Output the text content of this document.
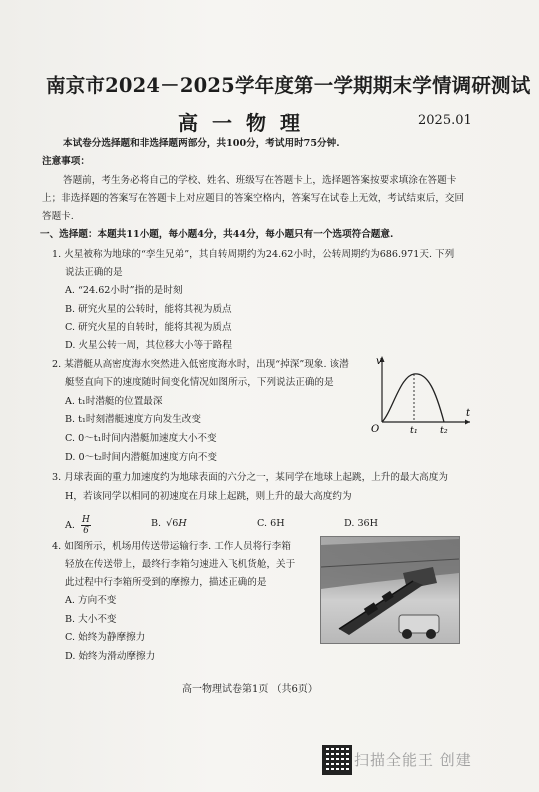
南京市2024－2025学年度第一学期期末学情调研测试
高一物理	2025.01
本试卷分选择题和非选择题两部分，共100分，考试用时75分钟.
注意事项：
答题前，考生务必将自己的学校、姓名、班级写在答题卡上，选择题答案按要求填涂在答题卡
上；非选择题的答案写在答题卡上对应题目的答案空格内，答案写在试卷上无效，考试结束后，交回
答题卡.
一、选择题：本题共11小题，每小题4分，共44分，每小题只有一个选项符合题意.
1. 火星被称为地球的“孪生兄弟”，其自转周期约为24.62小时，公转周期约为686.971天. 下列
说法正确的是
A. “24.62小时”指的是时刻
B. 研究火星的公转时，能将其视为质点
C. 研究火星的自转时，能将其视为质点
D. 火星公转一周，其位移大小等于路程
2. 某潜艇从高密度海水突然进入低密度海水时，出现“掉深”现象. 该潜
艇竖直向下的速度随时间变化情况如图所示，下列说法正确的是
A. t₁时潜艇的位置最深
B. t₁时刻潜艇速度方向发生改变
C. 0～t₁时间内潜艇加速度大小不变
D. 0～t₂时间内潜艇加速度方向不变
v
t
O	t₁ t₂
3. 月球表面的重力加速度约为地球表面的六分之一，某同学在地球上起跳，上升的最大高度为
H，若该同学以相同的初速度在月球上起跳，则上升的最大高度约为
A. $\frac{H}{6}$	B. √6H	C. 6H	D. 36H
4. 如图所示，机场用传送带运输行李. 工作人员将行李箱
轻放在传送带上，最终行李箱匀速进入飞机货舱，关于
此过程中行李箱所受到的摩擦力，描述正确的是
A. 方向不变
B. 大小不变
C. 始终为静摩擦力
D. 始终为滑动摩擦力
高一物理试卷第1页 （共6页）
扫描全能王 创建
